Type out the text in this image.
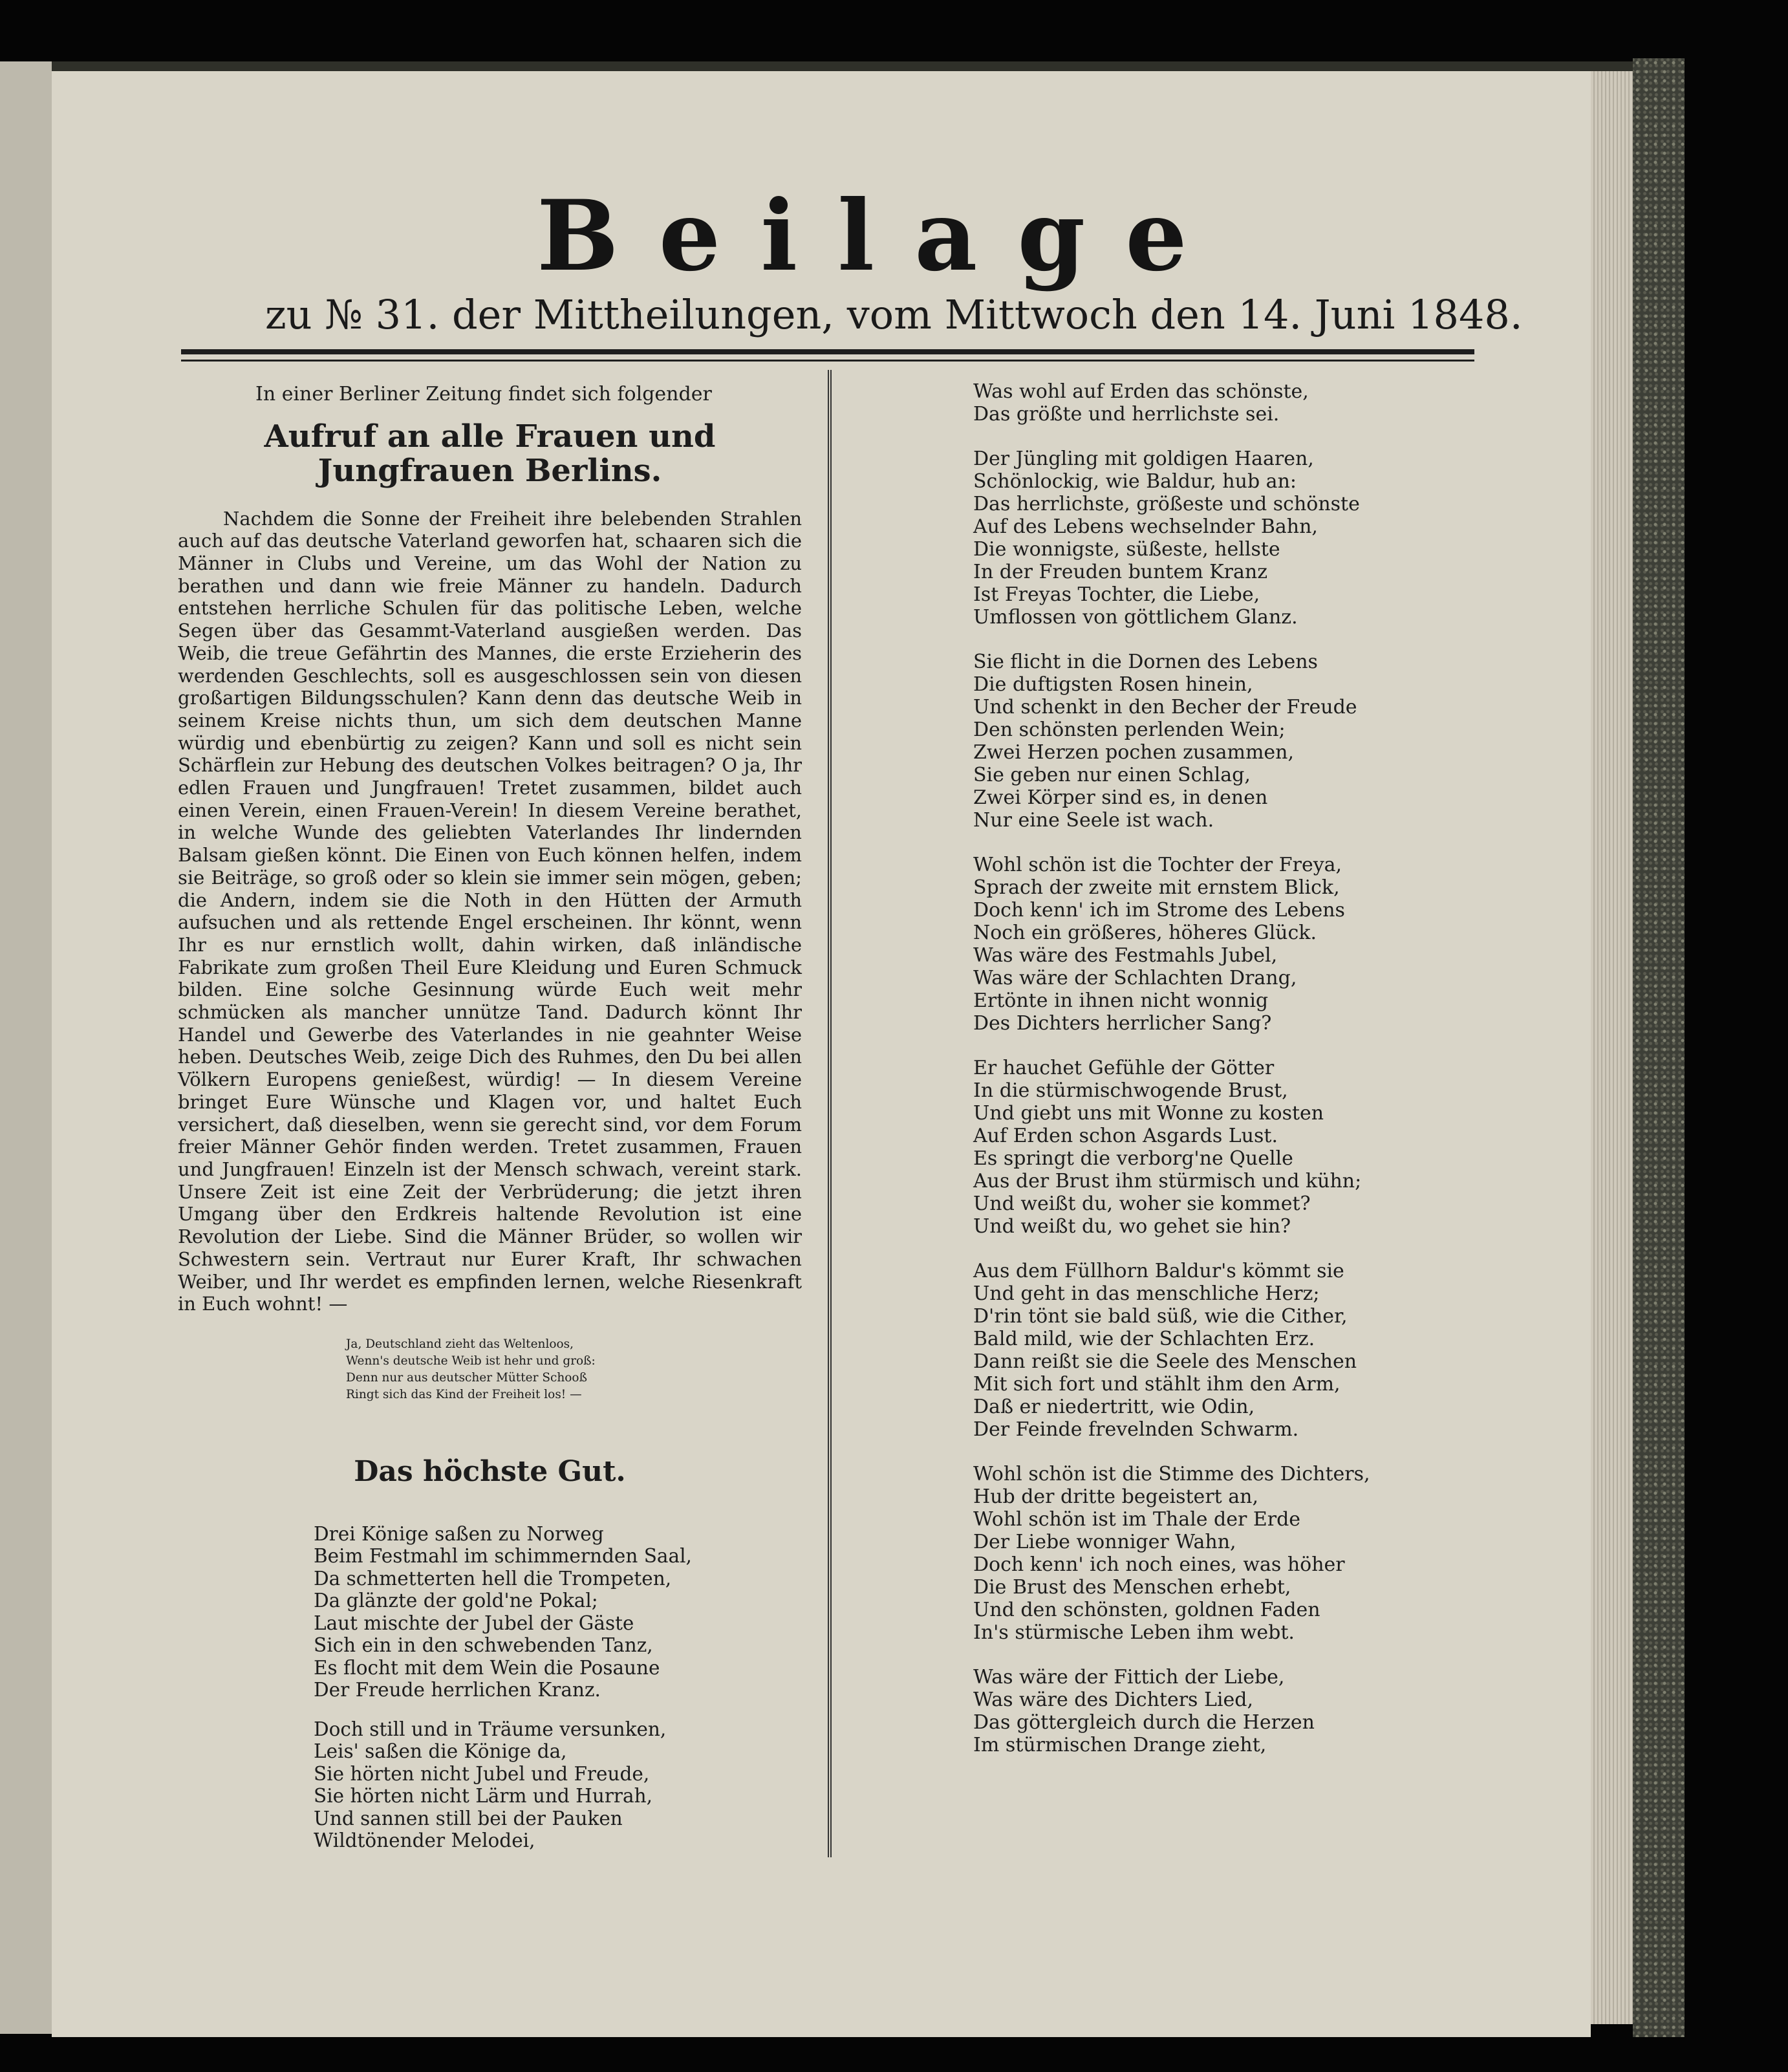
Beilage
zu № 31. der Mittheilungen, vom Mittwoch den 14. Juni 1848.

In einer Berliner Zeitung findet sich folgender

Aufruf an alle Frauen und Jungfrauen Berlins.

Nachdem die Sonne der Freiheit ihre belebenden Strahlen auch auf das deutsche Vaterland geworfen hat, schaaren sich die Männer in Clubs und Vereine, um das Wohl der Nation zu berathen und dann wie freie Männer zu handeln. Dadurch entstehen herrliche Schulen für das politische Leben, welche Segen über das Gesammt-Vaterland ausgießen werden. Das Weib, die treue Gefährtin des Mannes, die erste Erzieherin des werdenden Geschlechts, soll es ausgeschlossen sein von diesen großartigen Bildungsschulen? Kann denn das deutsche Weib in seinem Kreise nichts thun, um sich dem deutschen Manne würdig und ebenbürtig zu zeigen? Kann und soll es nicht sein Schärflein zur Hebung des deutschen Volkes beitragen? O ja, Ihr edlen Frauen und Jungfrauen! Tretet zusammen, bildet auch einen Verein, einen Frauen-Verein! In diesem Vereine berathet, in welche Wunde des geliebten Vaterlandes Ihr lindernden Balsam gießen könnt. Die Einen von Euch können helfen, indem sie Beiträge, so groß oder so klein sie immer sein mögen, geben; die Andern, indem sie die Noth in den Hütten der Armuth aufsuchen und als rettende Engel erscheinen. Ihr könnt, wenn Ihr es nur ernstlich wollt, dahin wirken, daß inländische Fabrikate zum großen Theil Eure Kleidung und Euren Schmuck bilden. Eine solche Gesinnung würde Euch weit mehr schmücken als mancher unnütze Tand. Dadurch könnt Ihr Handel und Gewerbe des Vaterlandes in nie geahnter Weise heben. Deutsches Weib, zeige Dich des Ruhmes, den Du bei allen Völkern Europens genießest, würdig! — In diesem Vereine bringet Eure Wünsche und Klagen vor, und haltet Euch versichert, daß dieselben, wenn sie gerecht sind, vor dem Forum freier Männer Gehör finden werden. Tretet zusammen, Frauen und Jungfrauen! Einzeln ist der Mensch schwach, vereint stark. Unsere Zeit ist eine Zeit der Verbrüderung; die jetzt ihren Umgang über den Erdkreis haltende Revolution ist eine Revolution der Liebe. Sind die Männer Brüder, so wollen wir Schwestern sein. Vertraut nur Eurer Kraft, Ihr schwachen Weiber, und Ihr werdet es empfinden lernen, welche Riesenkraft in Euch wohnt! —

Ja, Deutschland zieht das Weltenloos,
Wenn's deutsche Weib ist hehr und groß:
Denn nur aus deutscher Mütter Schooß
Ringt sich das Kind der Freiheit los! —
Das höchste Gut.
Drei Könige saßen zu Norweg
Beim Festmahl im schimmernden Saal,
Da schmetterten hell die Trompeten,
Da glänzte der gold'ne Pokal;
Laut mischte der Jubel der Gäste
Sich ein in den schwebenden Tanz,
Es flocht mit dem Wein die Posaune
Der Freude herrlichen Kranz.
Doch still und in Träume versunken,
Leis' saßen die Könige da,
Sie hörten nicht Jubel und Freude,
Sie hörten nicht Lärm und Hurrah,
Und sannen still bei der Pauken
Wildtönender Melodei,
Was wohl auf Erden das schönste,
Das größte und herrlichste sei.
Der Jüngling mit goldigen Haaren,
Schönlockig, wie Baldur, hub an:
Das herrlichste, größeste und schönste
Auf des Lebens wechselnder Bahn,
Die wonnigste, süßeste, hellste
In der Freuden buntem Kranz
Ist Freyas Tochter, die Liebe,
Umflossen von göttlichem Glanz.
Sie flicht in die Dornen des Lebens
Die duftigsten Rosen hinein,
Und schenkt in den Becher der Freude
Den schönsten perlenden Wein;
Zwei Herzen pochen zusammen,
Sie geben nur einen Schlag,
Zwei Körper sind es, in denen
Nur eine Seele ist wach.
Wohl schön ist die Tochter der Freya,
Sprach der zweite mit ernstem Blick,
Doch kenn' ich im Strome des Lebens
Noch ein größeres, höheres Glück.
Was wäre des Festmahls Jubel,
Was wäre der Schlachten Drang,
Ertönte in ihnen nicht wonnig
Des Dichters herrlicher Sang?
Er hauchet Gefühle der Götter
In die stürmischwogende Brust,
Und giebt uns mit Wonne zu kosten
Auf Erden schon Asgards Lust.
Es springt die verborg'ne Quelle
Aus der Brust ihm stürmisch und kühn;
Und weißt du, woher sie kommet?
Und weißt du, wo gehet sie hin?
Aus dem Füllhorn Baldur's kömmt sie
Und geht in das menschliche Herz;
D'rin tönt sie bald süß, wie die Cither,
Bald mild, wie der Schlachten Erz.
Dann reißt sie die Seele des Menschen
Mit sich fort und stählt ihm den Arm,
Daß er niedertritt, wie Odin,
Der Feinde frevelnden Schwarm.
Wohl schön ist die Stimme des Dichters,
Hub der dritte begeistert an,
Wohl schön ist im Thale der Erde
Der Liebe wonniger Wahn,
Doch kenn' ich noch eines, was höher
Die Brust des Menschen erhebt,
Und den schönsten, goldnen Faden
In's stürmische Leben ihm webt.
Was wäre der Fittich der Liebe,
Was wäre des Dichters Lied,
Das göttergleich durch die Herzen
Im stürmischen Drange zieht,
